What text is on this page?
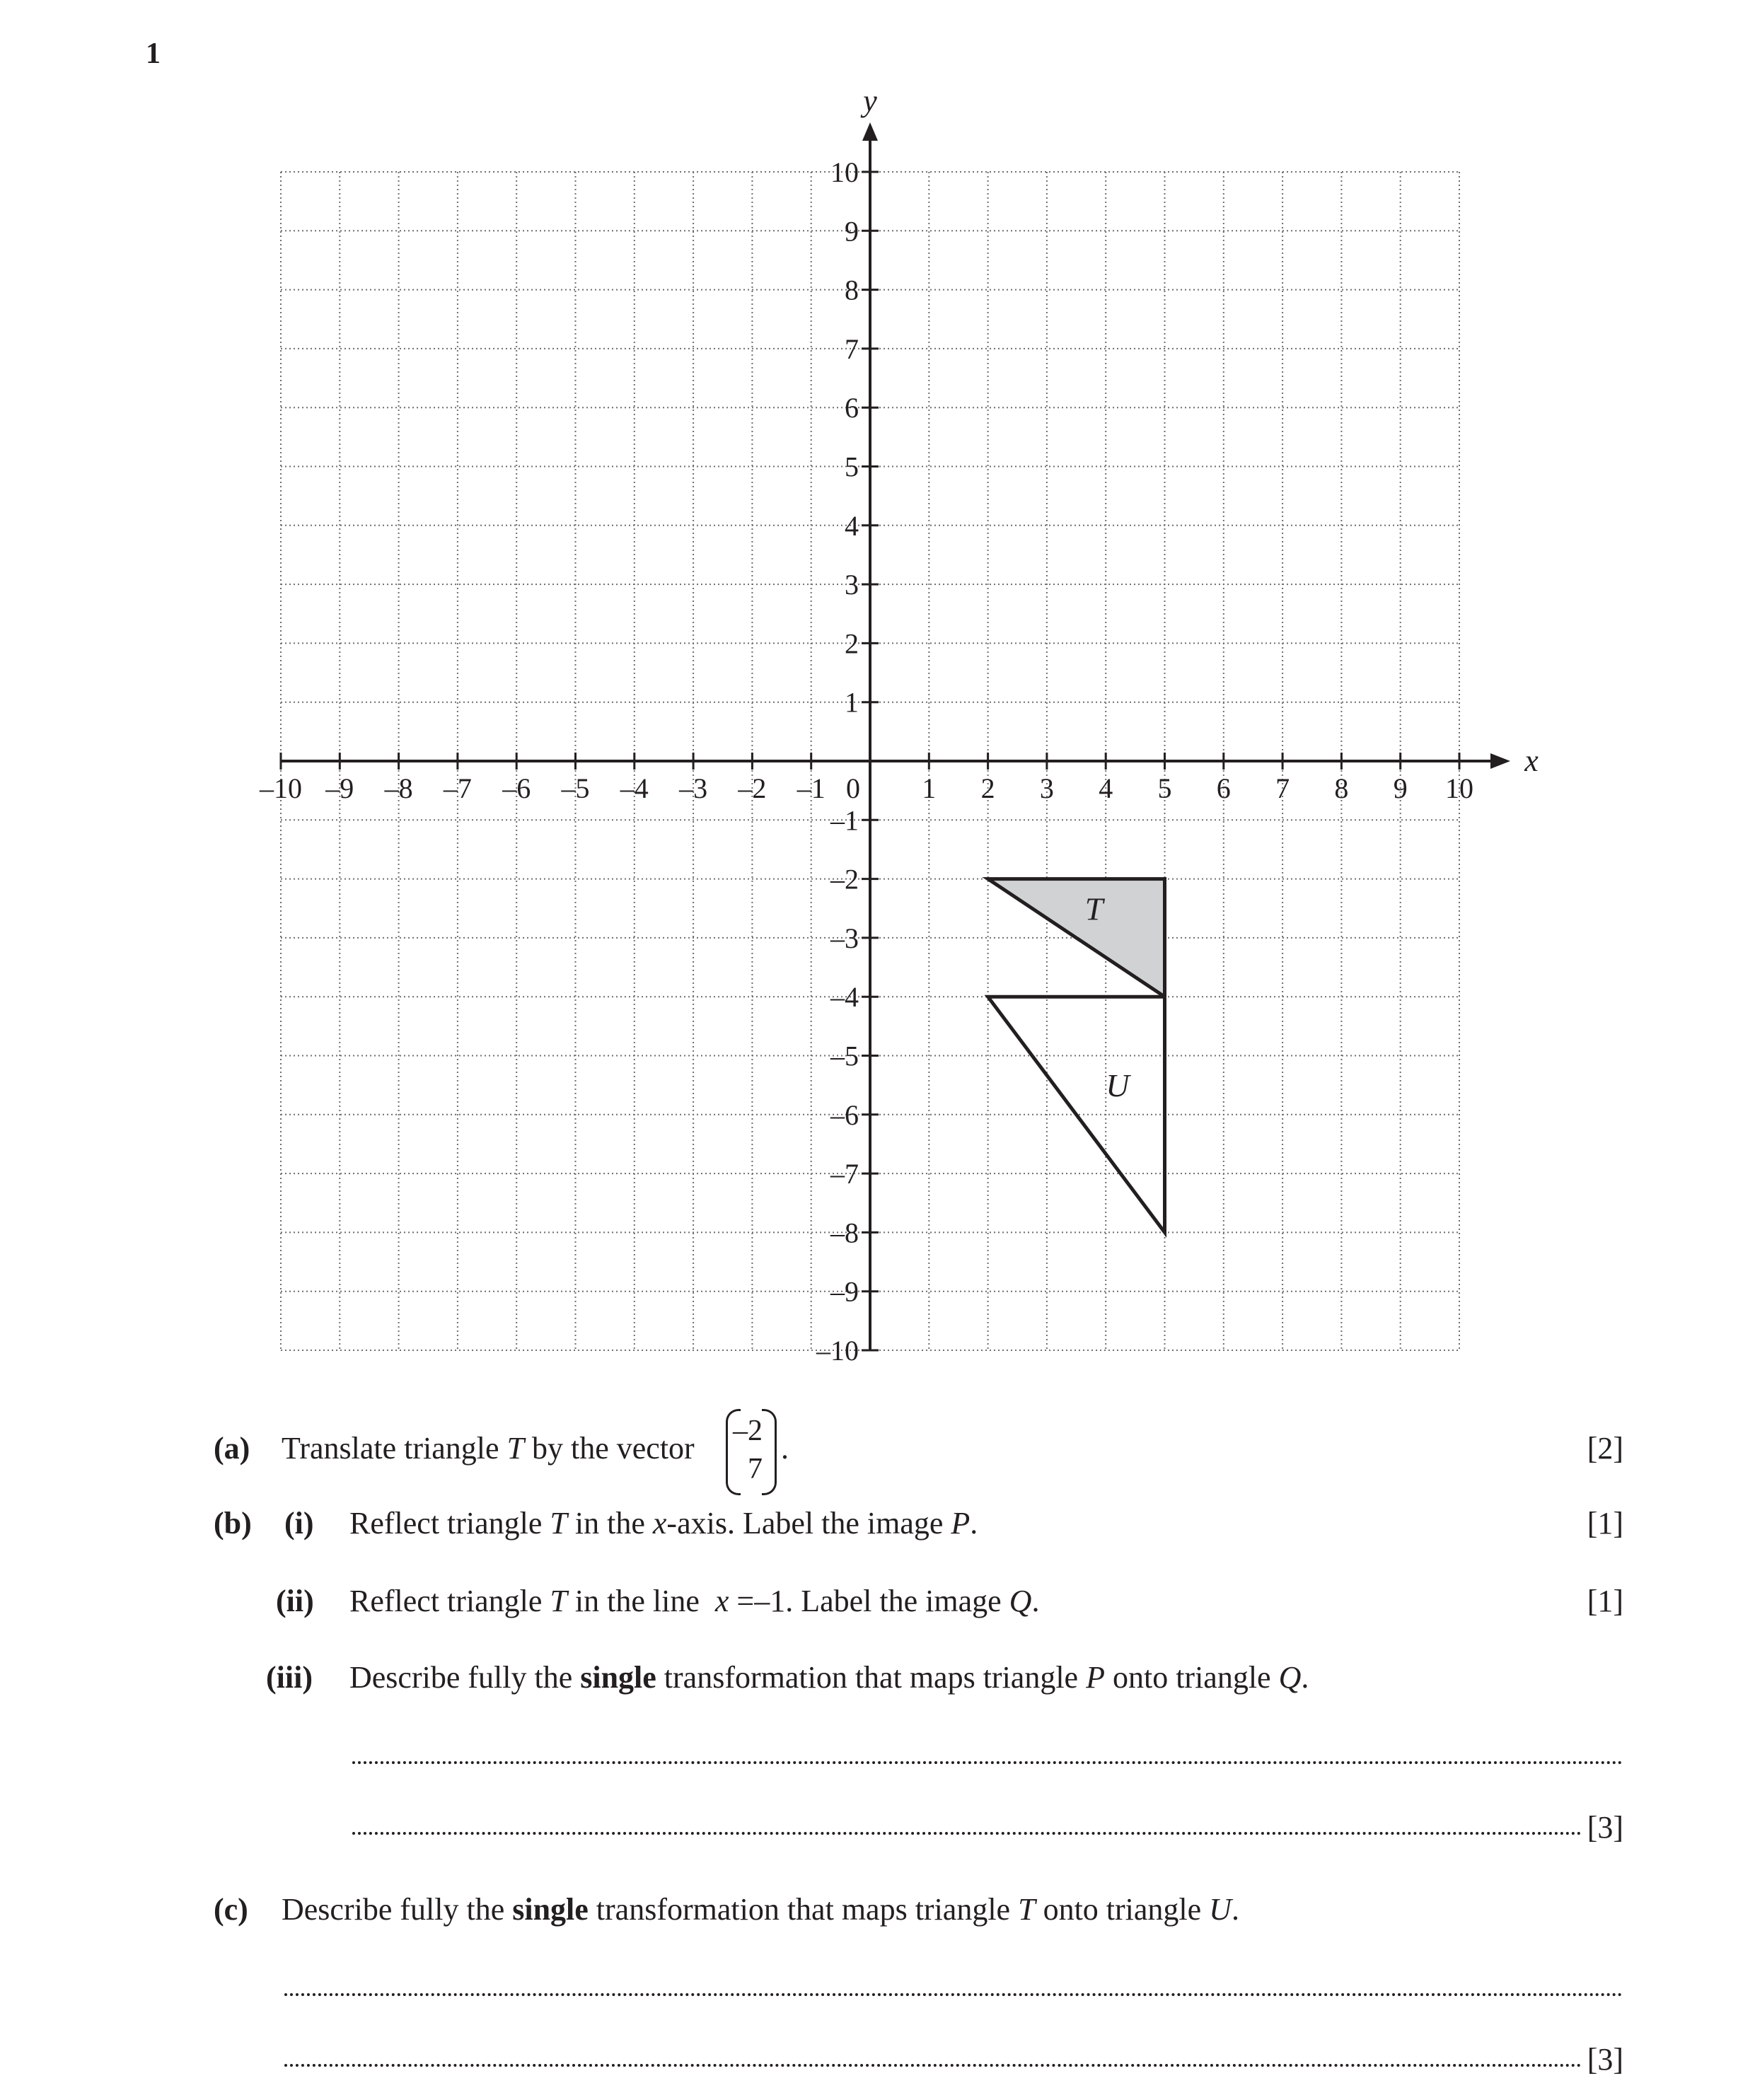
1
T
U
x
y
–10 –9 –8 –7 –6 –5 –4 –3 –2 –1 0 1 2 3 4 5 6 7 8 9 10
10
9
8
7
6
5
4
3
2
1
–1
–2
–3
–4
–5
–6
–7
–8
–9
–10
(a) Translate triangle T by the vector –2
7
.	[2]
(b) (i) Reflect triangle T in the x-axis. Label the image P.	[1]
(ii) Reflect triangle T in the line  x =–1. Label the image Q.	[1]
(iii) Describe fully the single transformation that maps triangle P onto triangle Q.
[3]
(c) Describe fully the single transformation that maps triangle T onto triangle U.
[3]
